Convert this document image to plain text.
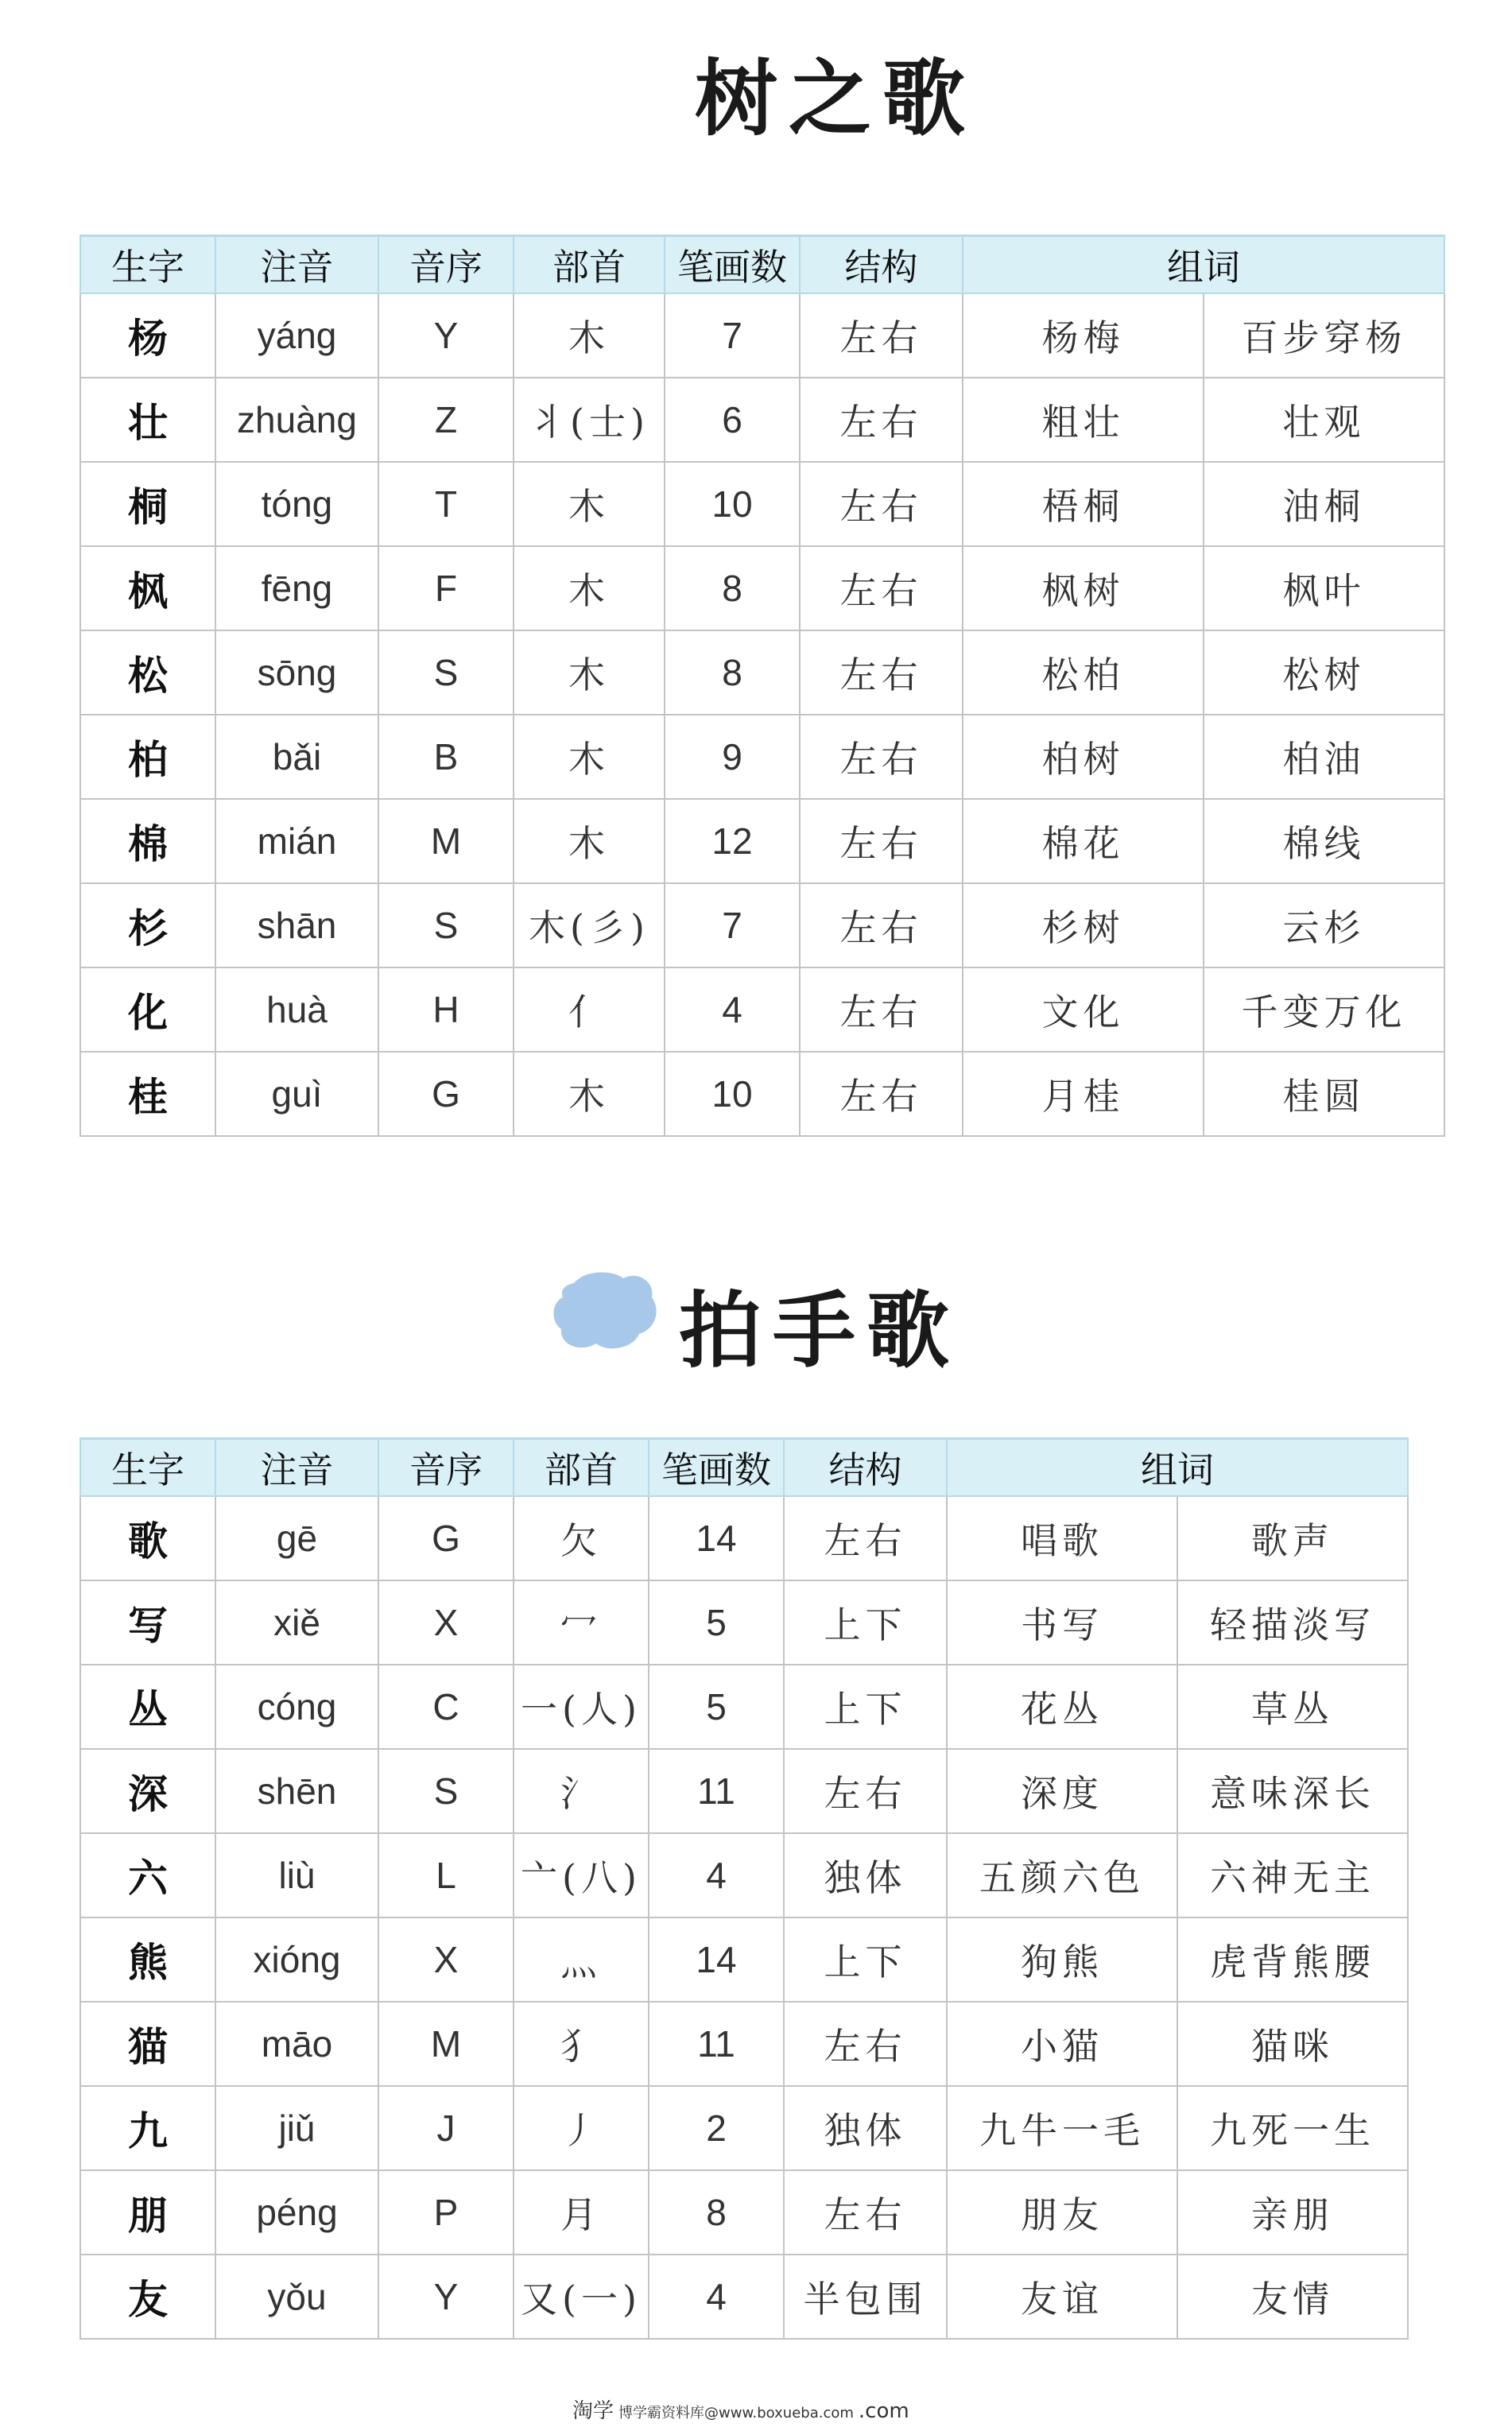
树之歌
生字	注音	音序	部首	笔画数	结构	组词	
杨	yáng	Y	木	7	左右	杨梅	百步穿杨
壮	zhuàng	Z	丬(士)	6	左右	粗壮	壮观
桐	tóng	T	木	10	左右	梧桐	油桐
枫	fēng	F	木	8	左右	枫树	枫叶
松	sōng	S	木	8	左右	松柏	松树
柏	bǎi	B	木	9	左右	柏树	柏油
棉	mián	M	木	12	左右	棉花	棉线
杉	shān	S	木(彡)	7	左右	杉树	云杉
化	huà	H	亻	4	左右	文化	千变万化
桂	guì	G	木	10	左右	月桂	桂圆
拍手歌
生字	注音	音序	部首	笔画数	结构	组词	
歌	gē	G	欠	14	左右	唱歌	歌声
写	xiě	X	冖	5	上下	书写	轻描淡写
丛	cóng	C	一(人)	5	上下	花丛	草丛
深	shēn	S	氵	11	左右	深度	意味深长
六	liù	L	亠(八)	4	独体	五颜六色	六神无主
熊	xióng	X	灬	14	上下	狗熊	虎背熊腰
猫	māo	M	犭	11	左右	小猫	猫咪
九	jiǔ	J	丿	2	独体	九牛一毛	九死一生
朋	péng	P	月	8	左右	朋友	亲朋
友	yǒu	Y	又(一)	4	半包围	友谊	友情
淘学 博学霸资料库@www.boxueba.com .com
